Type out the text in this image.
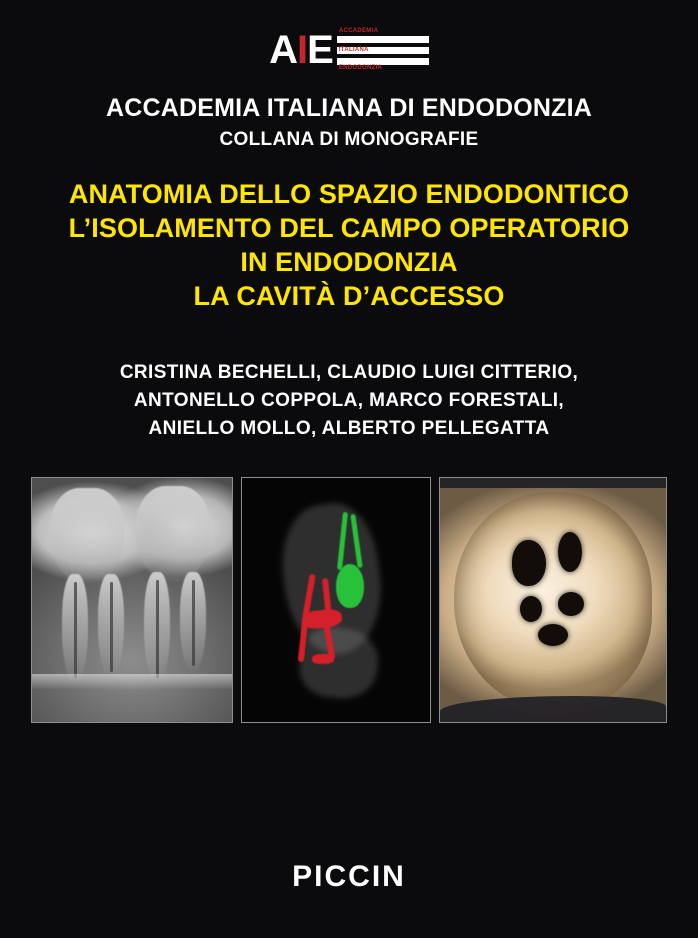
A I E ACCADEMIA
ITALIANA
ENDODONZIA
ACCADEMIA ITALIANA DI ENDODONZIA
COLLANA DI MONOGRAFIE
ANATOMIA DELLO SPAZIO ENDODONTICO
L’ISOLAMENTO DEL CAMPO OPERATORIO
IN ENDODONZIA
LA CAVITÀ D’ACCESSO
CRISTINA BECHELLI, CLAUDIO LUIGI CITTERIO,
ANTONELLO COPPOLA, MARCO FORESTALI,
ANIELLO MOLLO, ALBERTO PELLEGATTA
PICCIN
